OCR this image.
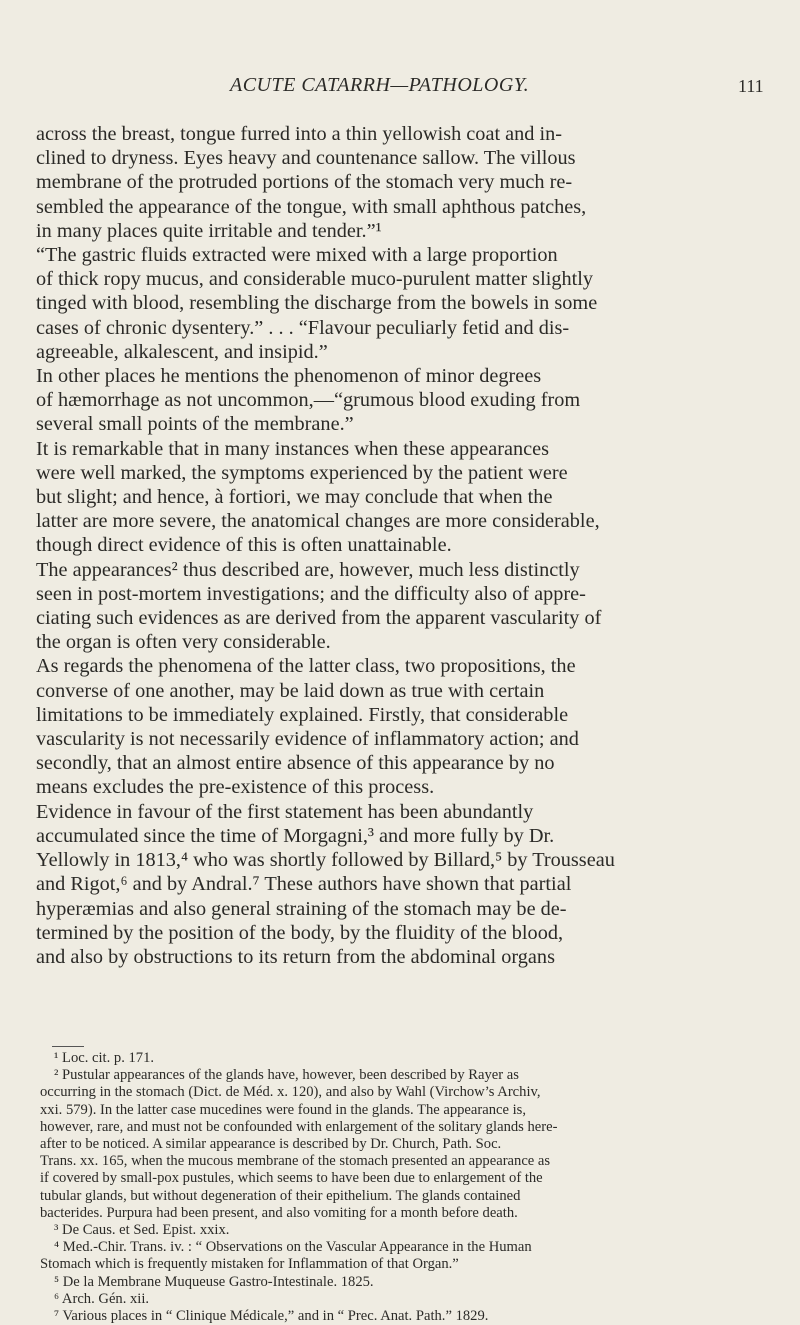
ACUTE CATARRH—PATHOLOGY.	111
across the breast, tongue furred into a thin yellowish coat and in-
clined to dryness. Eyes heavy and countenance sallow. The villous
membrane of the protruded portions of the stomach very much re-
sembled the appearance of the tongue, with small aphthous patches,
in many places quite irritable and tender.”¹
“The gastric fluids extracted were mixed with a large proportion
of thick ropy mucus, and considerable muco-purulent matter slightly
tinged with blood, resembling the discharge from the bowels in some
cases of chronic dysentery.” . . . “Flavour peculiarly fetid and dis-
agreeable, alkalescent, and insipid.”
In other places he mentions the phenomenon of minor degrees
of hæmorrhage as not uncommon,—“grumous blood exuding from
several small points of the membrane.”
It is remarkable that in many instances when these appearances
were well marked, the symptoms experienced by the patient were
but slight; and hence, à fortiori, we may conclude that when the
latter are more severe, the anatomical changes are more considerable,
though direct evidence of this is often unattainable.
The appearances² thus described are, however, much less distinctly
seen in post-mortem investigations; and the difficulty also of appre-
ciating such evidences as are derived from the apparent vascularity of
the organ is often very considerable.
As regards the phenomena of the latter class, two propositions, the
converse of one another, may be laid down as true with certain
limitations to be immediately explained. Firstly, that considerable
vascularity is not necessarily evidence of inflammatory action; and
secondly, that an almost entire absence of this appearance by no
means excludes the pre-existence of this process.
Evidence in favour of the first statement has been abundantly
accumulated since the time of Morgagni,³ and more fully by Dr.
Yellowly in 1813,⁴ who was shortly followed by Billard,⁵ by Trousseau
and Rigot,⁶ and by Andral.⁷ These authors have shown that partial
hyperæmias and also general straining of the stomach may be de-
termined by the position of the body, by the fluidity of the blood,
and also by obstructions to its return from the abdominal organs
¹ Loc. cit. p. 171.
² Pustular appearances of the glands have, however, been described by Rayer as
occurring in the stomach (Dict. de Méd. x. 120), and also by Wahl (Virchow’s Archiv,
xxi. 579). In the latter case mucedines were found in the glands. The appearance is,
however, rare, and must not be confounded with enlargement of the solitary glands here-
after to be noticed. A similar appearance is described by Dr. Church, Path. Soc.
Trans. xx. 165, when the mucous membrane of the stomach presented an appearance as
if covered by small-pox pustules, which seems to have been due to enlargement of the
tubular glands, but without degeneration of their epithelium. The glands contained
bacterides. Purpura had been present, and also vomiting for a month before death.
³ De Caus. et Sed. Epist. xxix.
⁴ Med.-Chir. Trans. iv. : “ Observations on the Vascular Appearance in the Human
Stomach which is frequently mistaken for Inflammation of that Organ.”
⁵ De la Membrane Muqueuse Gastro-Intestinale. 1825.
⁶ Arch. Gén. xii.
⁷ Various places in “ Clinique Médicale,” and in “ Prec. Anat. Path.” 1829.
